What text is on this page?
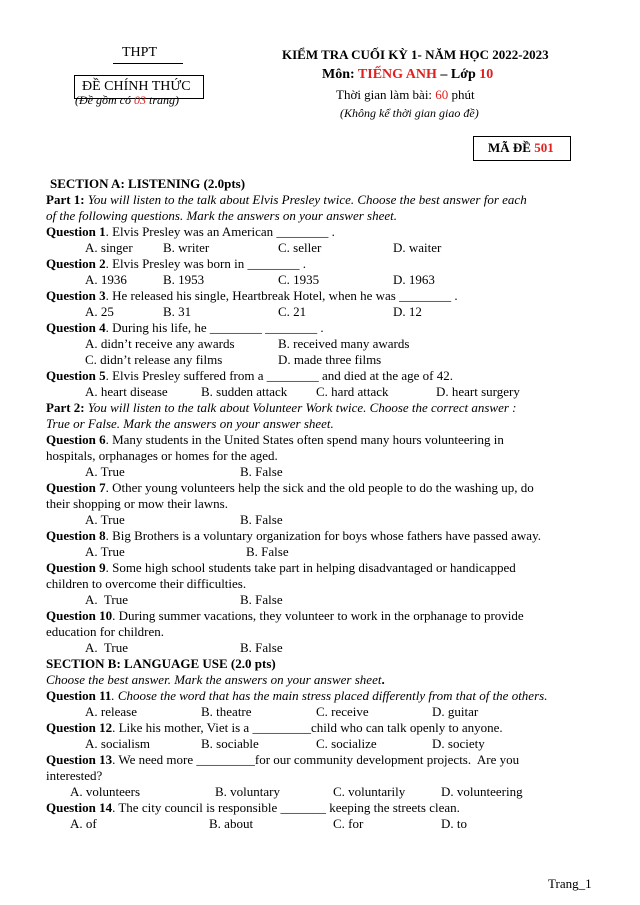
THPT
ĐỀ CHÍNH THỨC
(Đề gồm có 03 trang)
KIỂM TRA CUỐI KỲ 1- NĂM HỌC 2022-2023
Môn: TIẾNG ANH – Lớp 10
Thời gian làm bài: 60 phút
(Không kể thời gian giao đề)
MÃ ĐỀ 501
SECTION A: LISTENING (2.0pts)
Part 1: You will listen to the talk about Elvis Presley twice. Choose the best answer for each
of the following questions. Mark the answers on your answer sheet.
Question 1. Elvis Presley was an American ________ .
A. singer B. writer	C. seller	D. waiter
Question 2. Elvis Presley was born in ________ .
A. 1936	B. 1953	C. 1935	D. 1963
Question 3. He released his single, Heartbreak Hotel, when he was ________ .
A. 25	B. 31	C. 21	D. 12
Question 4. During his life, he ________ ________ .
A. didn’t receive any awards	B. received many awards
C. didn’t release any films	D. made three films
Question 5. Elvis Presley suffered from a ________ and died at the age of 42.
A. heart disease	B. sudden attack C. hard attack	D. heart surgery
Part 2: You will listen to the talk about Volunteer Work twice. Choose the correct answer :
True or False. Mark the answers on your answer sheet.
Question 6. Many students in the United States often spend many hours volunteering in
hospitals, orphanages or homes for the aged.
A. True	B. False
Question 7. Other young volunteers help the sick and the old people to do the washing up, do
their shopping or mow their lawns.
A. True	B. False
Question 8. Big Brothers is a voluntary organization for boys whose fathers have passed away.
A. True	B. False
Question 9. Some high school students take part in helping disadvantaged or handicapped
children to overcome their difficulties.
A.  True	B. False
Question 10. During summer vacations, they volunteer to work in the orphanage to provide
education for children.
A.  True	B. False
SECTION B: LANGUAGE USE (2.0 pts)
Choose the best answer. Mark the answers on your answer sheet.
Question 11. Choose the word that has the main stress placed differently from that of the others.
A. release	B. theatre	C. receive	D. guitar
Question 12. Like his mother, Viet is a _________child who can talk openly to anyone.
A. socialism	B. sociable	C. socialize	D. society
Question 13. We need more _________for our community development projects.  Are you
interested?
A. volunteers	B. voluntary	C. voluntarily	D. volunteering
Question 14. The city council is responsible _______ keeping the streets clean.
A. of	B. about	C. for	D. to
Trang_1
